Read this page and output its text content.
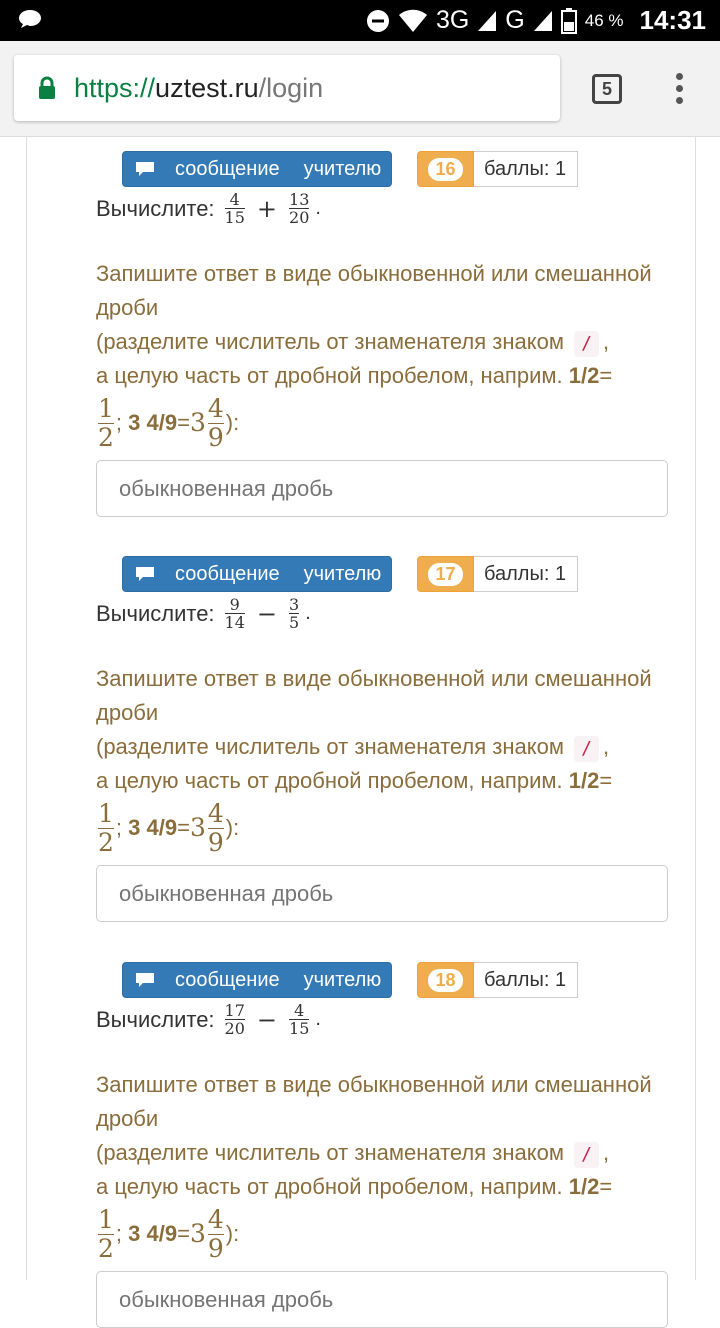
3G G	46 % 14:31
https://uztest.ru/login	5
сообщение учителю	16	баллы: 1
Вычислите: $\frac{4}{15} + \frac{13}{20}$ .
Запишите ответ в виде обыкновенной или смешанной дроби
(разделите числитель от знаменателя знаком / ,
а целую часть от дробной пробелом, наприм. 1/2=
$\frac{1}{2}$ ;
3 $4/9 = 3 \frac{4}{9}$ ):
обыкновенная дробь
сообщение учителю	17	баллы: 1
Вычислите: $\frac{9}{14} - \frac{3}{5}$ .
Запишите ответ в виде обыкновенной или смешанной дроби
(разделите числитель от знаменателя знаком / ,
а целую часть от дробной пробелом, наприм. 1/2=
$\frac{1}{2}$ ;
3 $4/9 = 3 \frac{4}{9}$ ):
обыкновенная дробь
сообщение учителю	18	баллы: 1
Вычислите: $\frac{17}{20} - \frac{4}{15}$ .
Запишите ответ в виде обыкновенной или смешанной дроби
(разделите числитель от знаменателя знаком / ,
а целую часть от дробной пробелом, наприм. 1/2=
$\frac{1}{2}$ ;
3 $4/9 = 3 \frac{4}{9}$ ):
обыкновенная дробь
